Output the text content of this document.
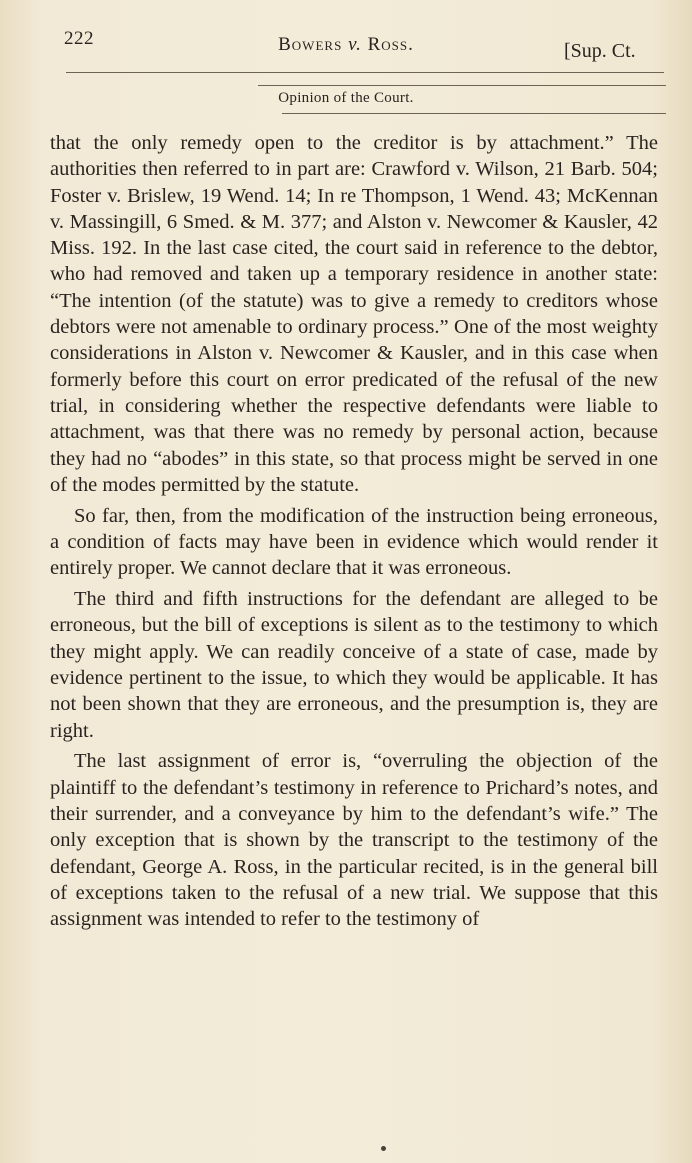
222	Bowers v. Ross.	[Sup. Ct.
Opinion of the Court.

that the only remedy open to the creditor is by attachment.” The authorities then referred to in part are: Crawford v. Wilson, 21 Barb. 504; Foster v. Brislew, 19 Wend. 14; In re Thompson, 1 Wend. 43; McKennan v. Massingill, 6 Smed. & M. 377; and Alston v. Newcomer & Kausler, 42 Miss. 192. In the last case cited, the court said in reference to the debtor, who had removed and taken up a temporary residence in another state: “The intention (of the statute) was to give a remedy to creditors whose debtors were not amenable to ordinary process.” One of the most weighty considerations in Alston v. Newcomer & Kausler, and in this case when formerly before this court on error predicated of the refusal of the new trial, in considering whether the respective defendants were liable to attachment, was that there was no remedy by personal action, because they had no “abodes” in this state, so that process might be served in one of the modes permitted by the statute.

So far, then, from the modification of the instruction being erroneous, a condition of facts may have been in evidence which would render it entirely proper. We cannot declare that it was erroneous.

The third and fifth instructions for the defendant are alleged to be erroneous, but the bill of exceptions is silent as to the testimony to which they might apply. We can readily conceive of a state of case, made by evidence pertinent to the issue, to which they would be applicable. It has not been shown that they are erroneous, and the presumption is, they are right.

The last assignment of error is, “overruling the objection of the plaintiff to the defendant’s testimony in reference to Prichard’s notes, and their surrender, and a conveyance by him to the defendant’s wife.” The only exception that is shown by the transcript to the testimony of the defendant, George A. Ross, in the particular recited, is in the general bill of exceptions taken to the refusal of a new trial. We suppose that this assignment was intended to refer to the testimony of
